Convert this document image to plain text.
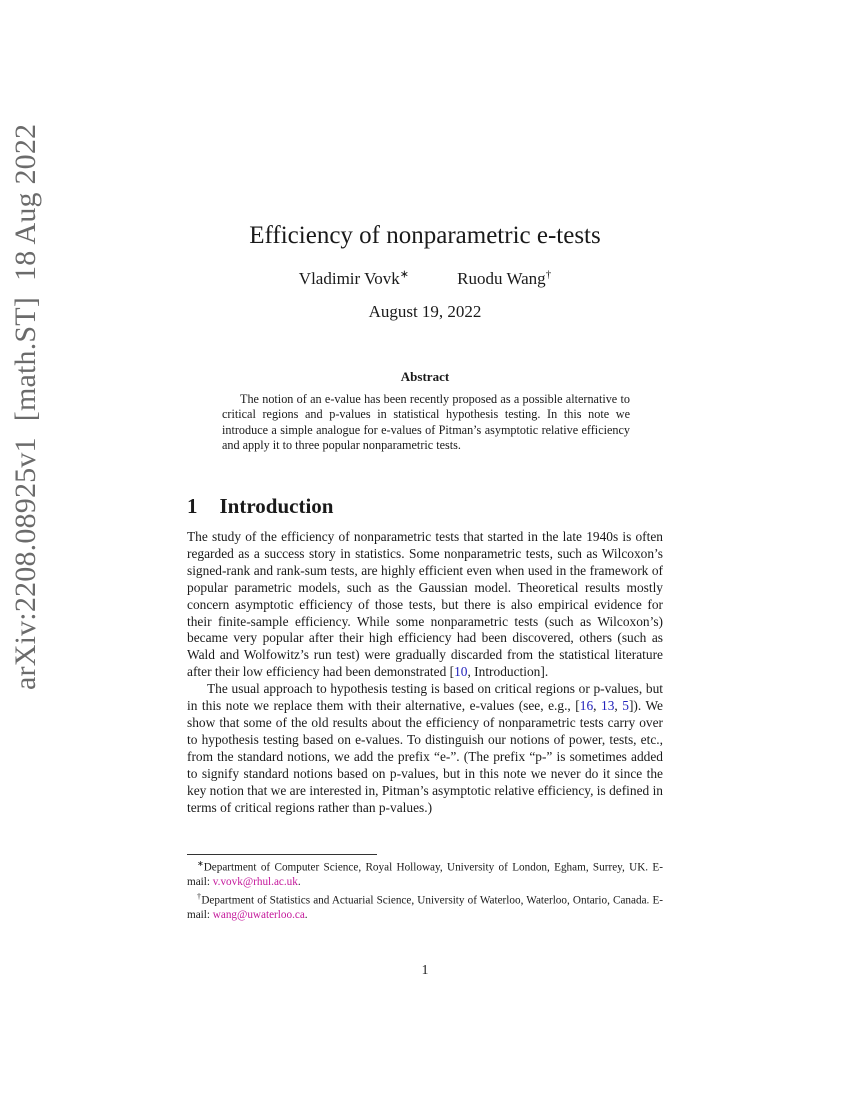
arXiv:2208.08925v1[math.ST]18 Aug 2022	Efficiency of nonparametric e-tests
Vladimir Vovk∗	Ruodu Wang†
August 19, 2022
Abstract

The notion of an e-value has been recently proposed as a possible alternative to critical regions and p-values in statistical hypothesis testing. In this note we introduce a simple analogue for e-values of Pitman’s asymptotic relative efficiency and apply it to three popular nonparametric tests.

1 Introduction

The study of the efficiency of nonparametric tests that started in the late 1940s is often regarded as a success story in statistics. Some nonparametric tests, such as Wilcoxon’s signed-rank and rank-sum tests, are highly efficient even when used in the framework of popular parametric models, such as the Gaussian model. Theoretical results mostly concern asymptotic efficiency of those tests, but there is also empirical evidence for their finite-sample efficiency. While some nonparametric tests (such as Wilcoxon’s) became very popular after their high efficiency had been discovered, others (such as Wald and Wolfowitz’s run test) were gradually discarded from the statistical literature after their low efficiency had been demonstrated [10, Introduction].

The usual approach to hypothesis testing is based on critical regions or p-values, but in this note we replace them with their alternative, e-values (see, e.g., [16, 13, 5]). We show that some of the old results about the efficiency of nonparametric tests carry over to hypothesis testing based on e-values. To distinguish our notions of power, tests, etc., from the standard notions, we add the prefix “e-”. (The prefix “p-” is sometimes added to signify standard notions based on p-values, but in this note we never do it since the key notion that we are interested in, Pitman’s asymptotic relative efficiency, is defined in terms of critical regions rather than p-values.)

∗Department of Computer Science, Royal Holloway, University of London, Egham, Surrey, UK. E-mail: v.vovk@rhul.ac.uk.

†Department of Statistics and Actuarial Science, University of Waterloo, Waterloo, Ontario, Canada. E-mail: wang@uwaterloo.ca.

1
